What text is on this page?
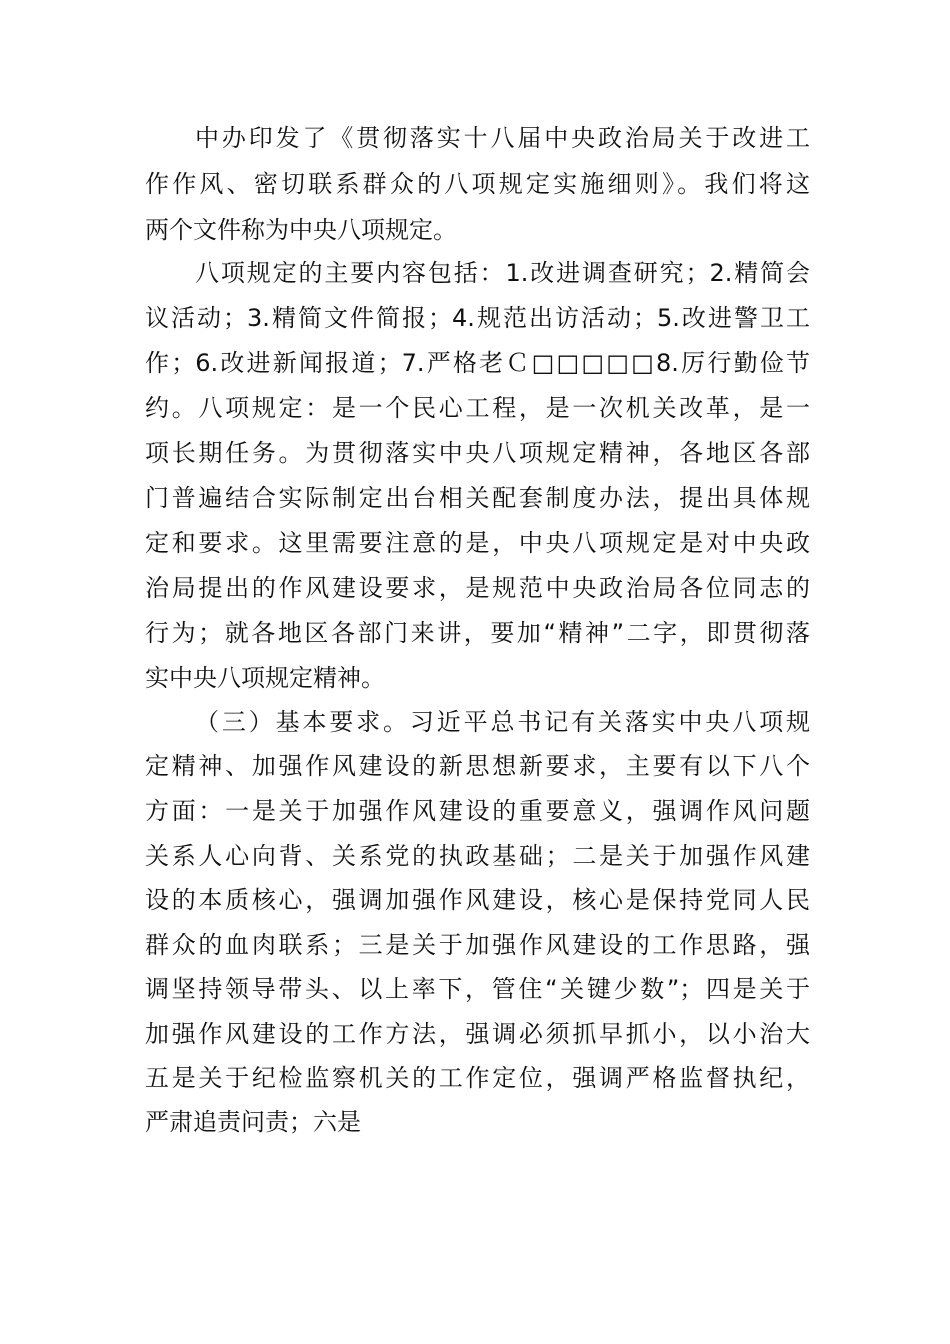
中办印发了《贯彻落实十八届中央政治局关于改进工
作作风、密切联系群众的八项规定实施细则》。我们将这
两个文件称为中央八项规定。
八项规定的主要内容包括：1.改进调查研究；2.精简会
议活动；3.精简文件简报；4.规范出访活动；5.改进警卫工
作；6.改进新闻报道；7.严格老Ｃ□□□□□8.厉行勤俭节
约。八项规定：是一个民心工程，是一次机关改革，是一
项长期任务。为贯彻落实中央八项规定精神，各地区各部
门普遍结合实际制定出台相关配套制度办法，提出具体规
定和要求。这里需要注意的是，中央八项规定是对中央政
治局提出的作风建设要求，是规范中央政治局各位同志的
行为；就各地区各部门来讲，要加“精神”二字，即贯彻落
实中央八项规定精神。
（三）基本要求。习近平总书记有关落实中央八项规
定精神、加强作风建设的新思想新要求，主要有以下八个
方面：一是关于加强作风建设的重要意义，强调作风问题
关系人心向背、关系党的执政基础；二是关于加强作风建
设的本质核心，强调加强作风建设，核心是保持党同人民
群众的血肉联系；三是关于加强作风建设的工作思路，强
调坚持领导带头、以上率下，管住“关键少数”；四是关于
加强作风建设的工作方法，强调必须抓早抓小，以小治大
五是关于纪检监察机关的工作定位，强调严格监督执纪，
严肃追责问责；六是
